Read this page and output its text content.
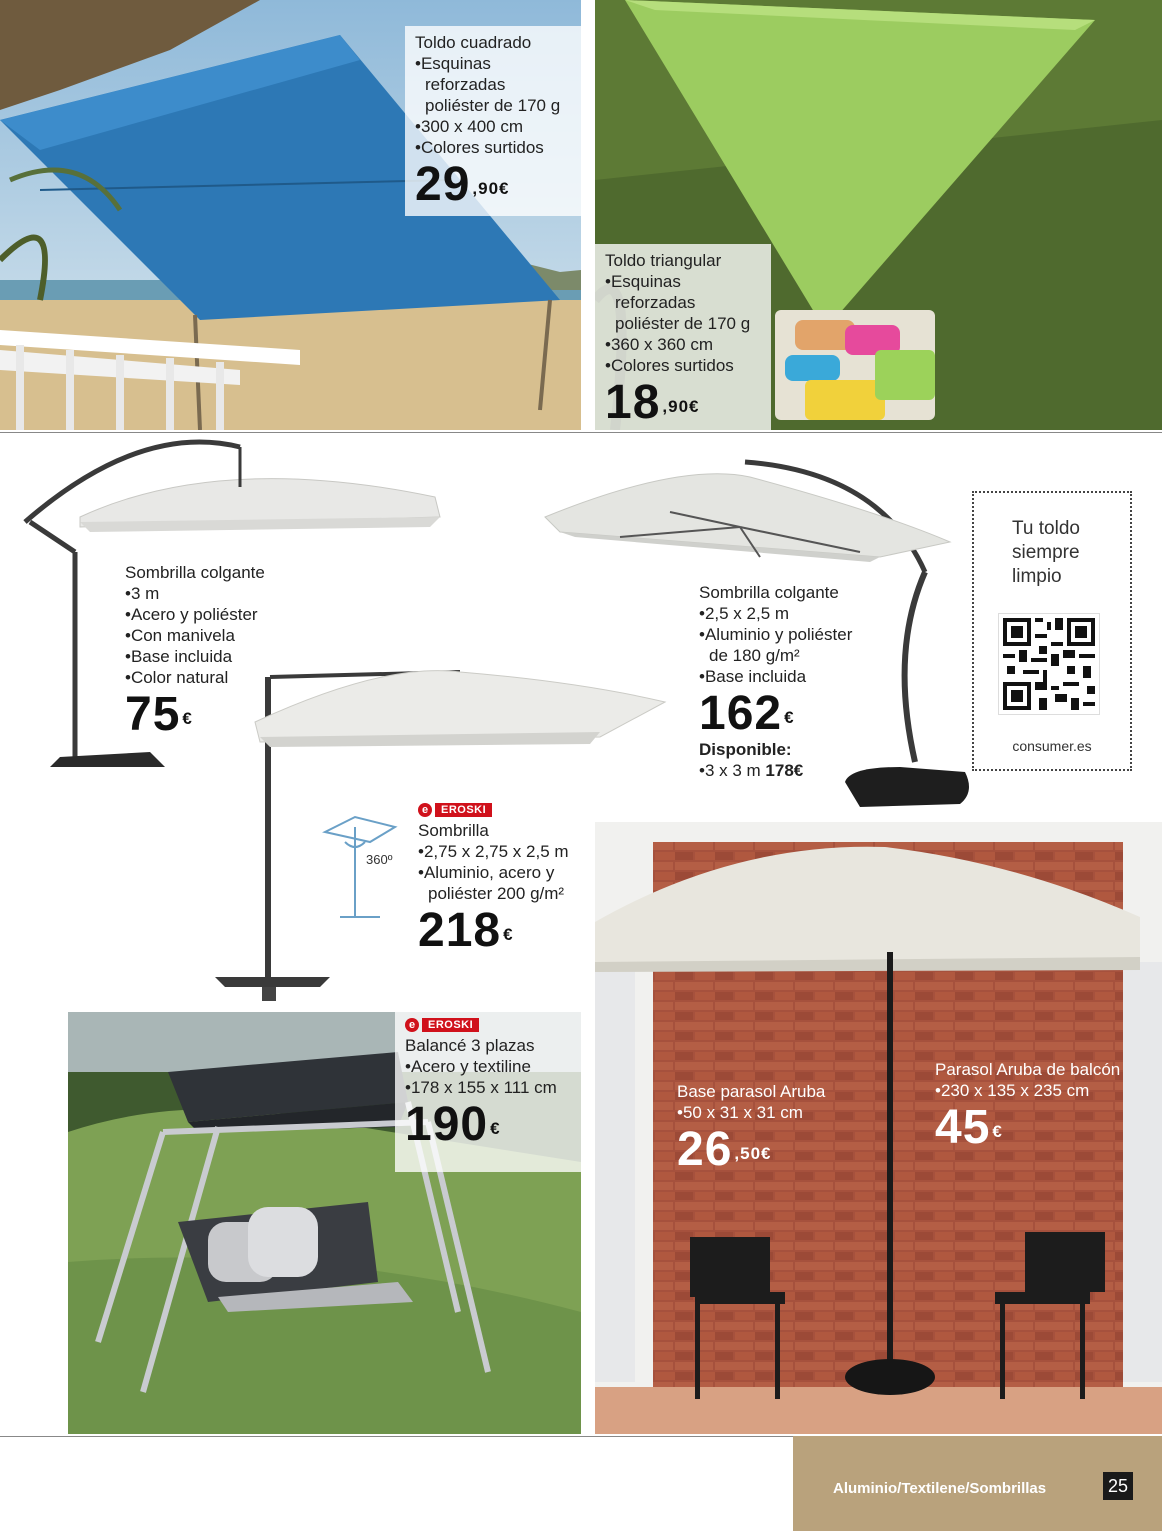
Toldo cuadrado
•Esquinas
reforzadas
poliéster de 170 g
•300 x 400 cm
•Colores surtidos
29 $^{,90€}$
Toldo triangular
•Esquinas
reforzadas
poliéster de 170 g
•360 x 360 cm
•Colores surtidos
18 $^{,90€}$
Sombrilla colgante
•3 m
•Acero y poliéster
•Con manivela
•Base incluida
•Color natural
75 €
Sombrilla colgante
•2,5 x 2,5 m
•Aluminio y poliéster
de 180 g/m²
•Base incluida
162 €
Disponible:
•3 x 3 m 178€
360º
e	EROSKI
Sombrilla
•2,75 x 2,75 x 2,5 m
•Aluminio, acero y
poliéster 200 g/m²
218 €
Tu toldo siempre limpio
consumer.es
e	EROSKI
Balancé 3 plazas
•Acero y textiline
•178 x 155 x 111 cm
190 €
Base parasol Aruba
•50 x 31 x 31 cm
26 $^{,50€}$
Parasol Aruba de balcón
•230 x 135 x 235 cm
45 €
Aluminio/Textilene/Sombrillas	25
